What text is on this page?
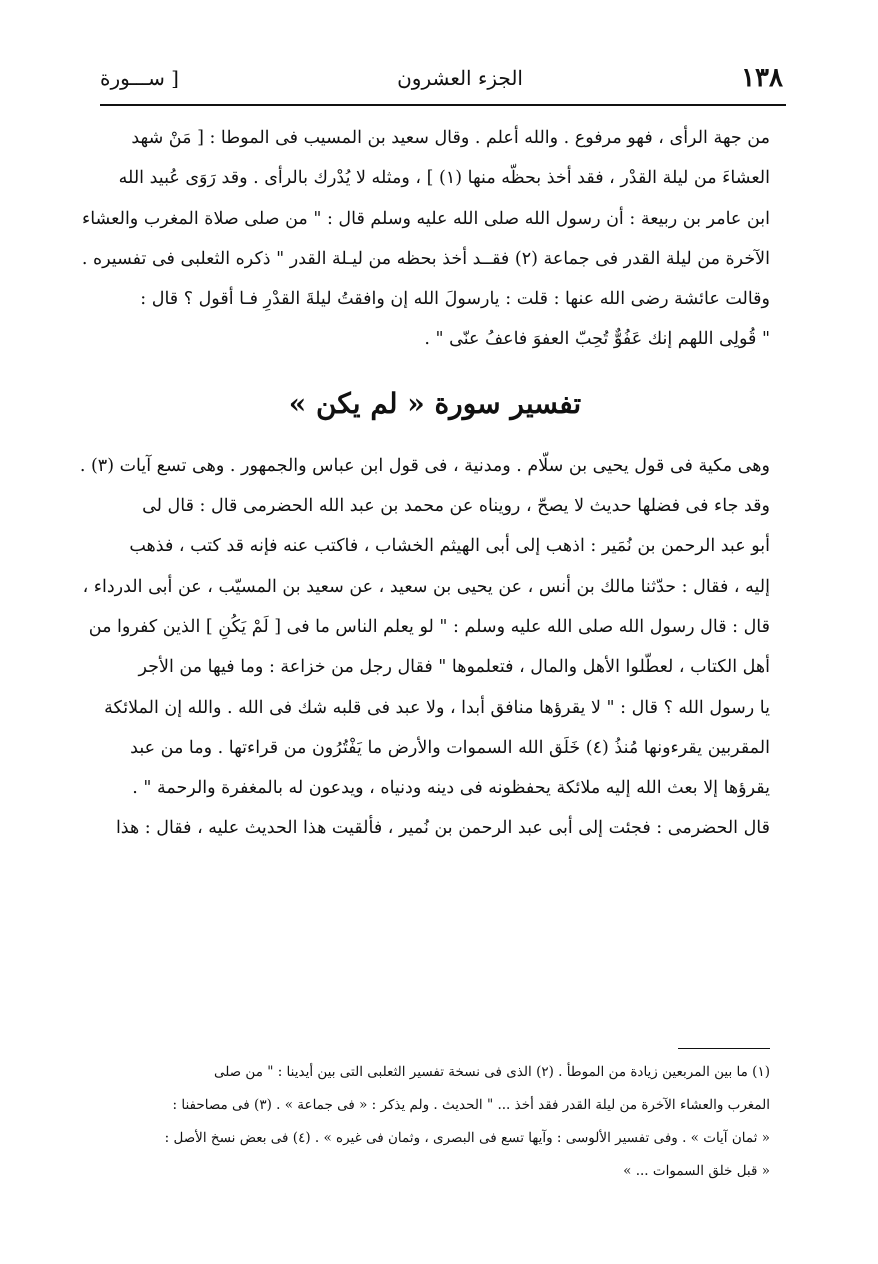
١٣٨
الجزء العشرون
[ ســـورة
من جهة الرأى ، فهو مرفوع . والله أعلم . وقال سعيد بن المسيب فى الموطا : [ مَنْ شهد
العشاءَ من ليلة القدْر ، فقد أخذ بحظّه منها (١) ] ، ومثله لا يُدْرك بالرأى . وقد رَوَى عُبيد الله
ابن عامر بن ربيعة : أن رسول الله صلى الله عليه وسلم قال : " من صلى صلاة المغرب والعشاء
الآخرة من ليلة القدر فى جماعة (٢) فقــد أخذ بحظه من ليـلة القدر " ذكره الثعلبى فى تفسيره .
وقالت عائشة رضى الله عنها : قلت : يارسولَ الله إن وافقتُ ليلةَ القدْرِ فـا أقول ؟ قال :
" قُولِى اللهم إنك عَفُوٌّ تُحِبّ العفوَ فاعفُ عنّى " .
تفسير سورة « لم يكن »
وهى مكية فى قول يحيى بن سلّام . ومدنية ، فى قول ابن عباس والجمهور . وهى تسع آيات (٣) .
وقد جاء فى فضلها حديث لا يصحّ ، رويناه عن محمد بن عبد الله الحضرمى قال : قال لى
أبو عبد الرحمن بن نُمَير : اذهب إلى أبى الهيثم الخشاب ، فاكتب عنه فإنه قد كتب ، فذهب
إليه ، فقال : حدّثنا مالك بن أنس ، عن يحيى بن سعيد ، عن سعيد بن المسيّب ، عن أبى الدرداء ،
قال : قال رسول الله صلى الله عليه وسلم : " لو يعلم الناس ما فى [ لَمْ يَكُنِ ] الذين كفروا من
أهل الكتاب ، لعطّلوا الأهل والمال ، فتعلموها " فقال رجل من خزاعة : وما فيها من الأجر
يا رسول الله ؟ قال : " لا يقرؤها منافق أبدا ، ولا عبد فى قلبه شك فى الله . والله إن الملائكة
المقربين يقرءونها مُنذُ (٤) خَلَق الله السموات والأرض ما يَفْتُرُون من قراءتها . وما من عبد
يقرؤها إلا بعث الله إليه ملائكة يحفظونه فى دينه ودنياه ، ويدعون له بالمغفرة والرحمة " .
قال الحضرمى : فجئت إلى أبى عبد الرحمن بن نُمير ، فألقيت هذا الحديث عليه ، فقال : هذا
(١) ما بين المربعين زيادة من الموطأ . (٢) الذى فى نسخة تفسير الثعلبى التى بين أيدينا : " من صلى
المغرب والعشاء الآخرة من ليلة القدر فقد أخذ ... " الحديث . ولم يذكر : « فى جماعة » . (٣) فى مصاحفنا :
« ثمان آيات » . وفى تفسير الألوسى : وآيها تسع فى البصرى ، وثمان فى غيره » . (٤) فى بعض نسخ الأصل :
« قبل خلق السموات ... »
